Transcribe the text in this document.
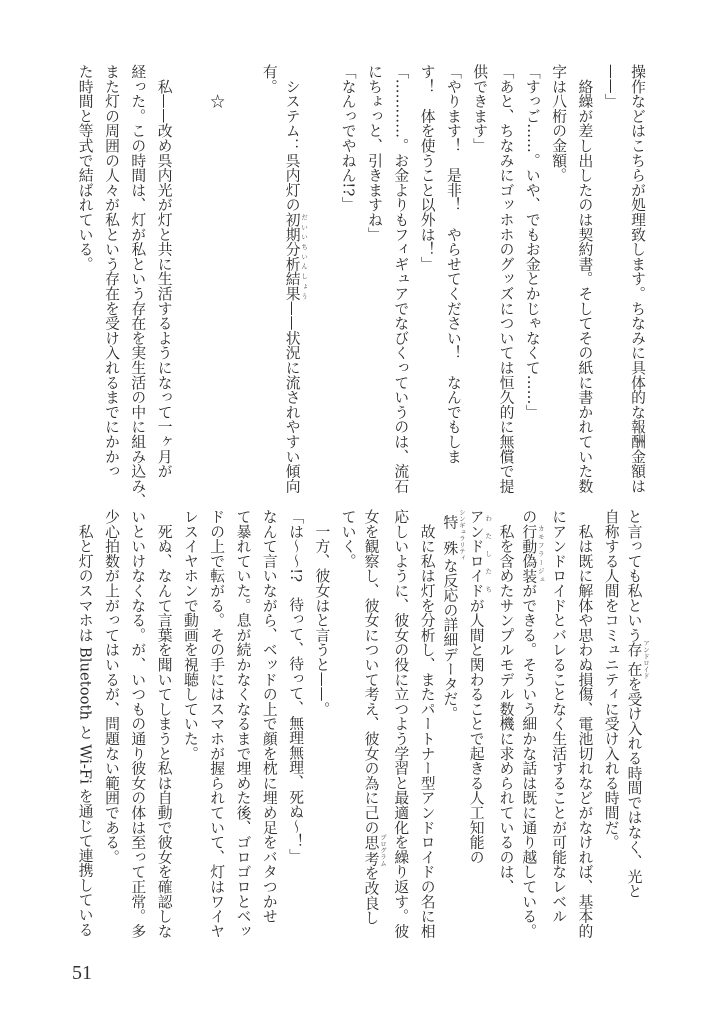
操作などはこちらが処理致します。ちなみに具体的な報酬金額は
——」
　絡繰が差し出したのは契約書。そしてその紙に書かれていた数
字は八桁の金額。
「すっご……。いや、でもお金とかじゃなくて……」
「あと、ちなみにゴッホホのグッズについては恒久的に無償で提
供できます」
「やります！　是非！　やらせてください！　なんでもしま
す！　体を使うこと以外は！」
「…………。お金よりもフィギュアでなびくっていうのは、流石
にちょっと、引きますね」
「なんっでやねん!?」
　システム：呉内灯の初期分析結果 だいいちいんしょう——状況に流されやすい傾向
有。
　　☆
　私——改め呉内光が灯と共に生活するようになって一ヶ月が
経った。この時間は、灯が私という存在を実生活の中に組み込み、
また灯の周囲の人々が私という存在を受け入れるまでにかかっ
た時間と等式で結ばれている。
と言っても私という存在 アンドロイドを受け入れる時間ではなく、光と
自称する人間をコミュニティに受け入れる時間だ。
　私は既に解体や思わぬ損傷、電池切れなどがなければ、基本的
にアンドロイドとバレることなく生活することが可能なレベル
の行動偽装 カモフラージュができる。そういう細かな話は既に通り越している。
　私を含めたサンプルモデル数機に求められているのは、
アンドロイド わたしたちが人間と関わることで起きる人工知能の
特殊 シンギュラリティな反応の詳細データだ。
　故に私は灯を分析し、またパートナー型アンドロイドの名に相
応しいように、彼女の役に立つよう学習と最適化を繰り返す。彼
女を観察し、彼女について考え、彼女の為に己の思考 プログラムを改良し
ていく。
　一方、彼女はと言うと——。
「は〜〜!?　待って、待って、無理無理、死ぬ〜！」
なんて言いながら、ベッドの上で顔を枕に埋め足をバタつかせ
て暴れていた。息が続かなくなるまで埋めた後、ゴロゴロとベッ
ドの上で転がる。その手にはスマホが握られていて、灯はワイヤ
レスイヤホンで動画を視聴していた。
　死ぬ、なんて言葉を聞いてしまうと私は自動で彼女を確認しな
いといけなくなる。が、いつもの通り彼女の体は至って正常。多
少心拍数が上がってはいるが、問題ない範囲である。
　私と灯のスマホは Bluetooth と Wi-Fi を通じて連携している
51
